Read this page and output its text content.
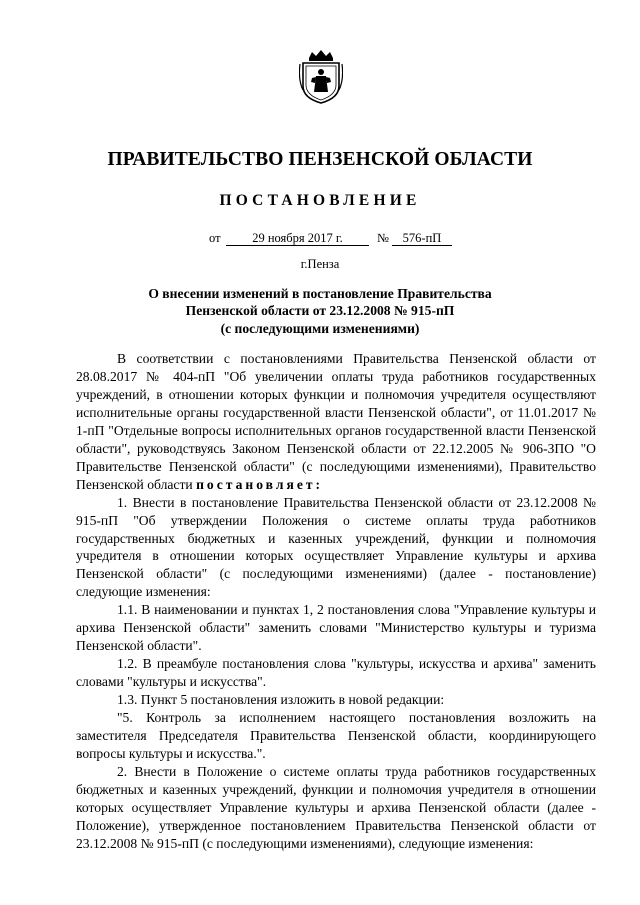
ПРАВИТЕЛЬСТВО ПЕНЗЕНСКОЙ ОБЛАСТИ
ПОСТАНОВЛЕНИЕ
от	29 ноября 2017 г.	№	576-пП
г.Пенза
О внесении изменений в постановление Правительства
Пензенской области от 23.12.2008 № 915-пП
(с последующими изменениями)

В соответствии с постановлениями Правительства Пензенской области от 28.08.2017 № 404-пП "Об увеличении оплаты труда работников государственных учреждений, в отношении которых функции и полномочия учредителя осуществляют исполнительные органы государственной власти Пензенской области", от 11.01.2017 № 1-пП "Отдельные вопросы исполнительных органов государственной власти Пензенской области", руководствуясь Законом Пензенской области от 22.12.2005 № 906-ЗПО "О Правительстве Пензенской области" (с последующими изменениями), Правительство Пензенской области постановляет:

1. Внести в постановление Правительства Пензенской области от 23.12.2008 № 915-пП "Об утверждении Положения о системе оплаты труда работников государственных бюджетных и казенных учреждений, функции и полномочия учредителя в отношении которых осуществляет Управление культуры и архива Пензенской области" (с последующими изменениями) (далее - постановление) следующие изменения:

1.1. В наименовании и пунктах 1, 2 постановления слова "Управление культуры и архива Пензенской области" заменить словами "Министерство культуры и туризма Пензенской области".

1.2. В преамбуле постановления слова "культуры, искусства и архива" заменить словами "культуры и искусства".

1.3. Пункт 5 постановления изложить в новой редакции:

"5. Контроль за исполнением настоящего постановления возложить на заместителя Председателя Правительства Пензенской области, координирующего вопросы культуры и искусства.".

2. Внести в Положение о системе оплаты труда работников государственных бюджетных и казенных учреждений, функции и полномочия учредителя в отношении которых осуществляет Управление культуры и архива Пензенской области (далее - Положение), утвержденное постановлением Правительства Пензенской области от 23.12.2008 № 915-пП (с последующими изменениями), следующие изменения:
